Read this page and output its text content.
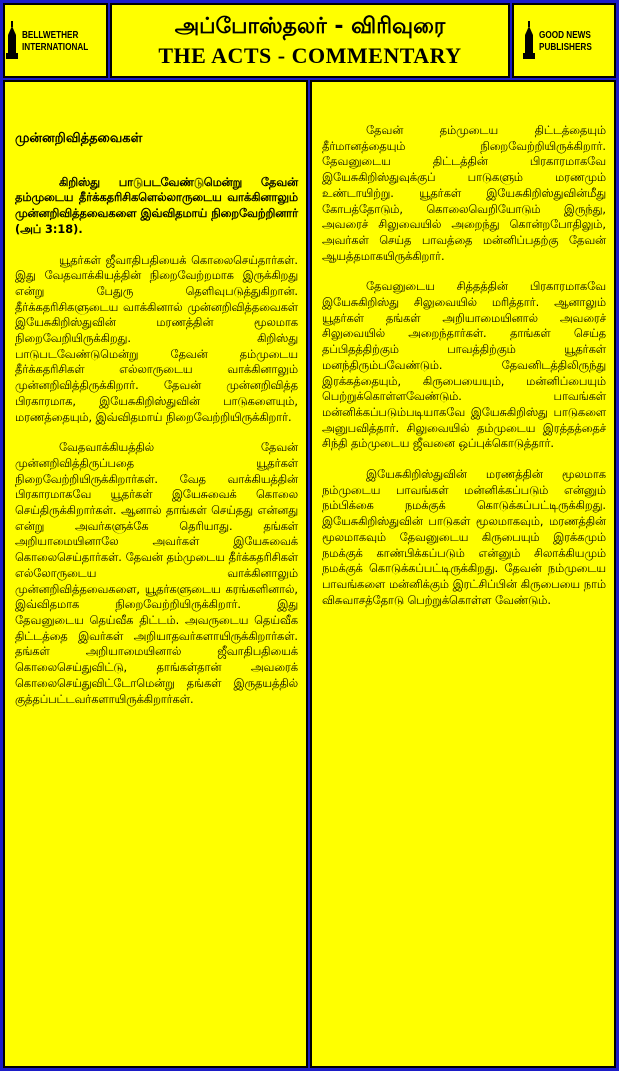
BELLWETHER
INTERNATIONAL
அப்போஸ்தலர் - விரிவுரை
THE ACTS - COMMENTARY
GOOD NEWS
PUBLISHERS

முன்னறிவித்தவைகள்

கிறிஸ்து பாடுபடவேண்டுமென்று தேவன் தம்முடைய தீர்க்கதரிசிகளெல்லாருடைய வாக்கினாலும் முன்னறிவித்தவைகளை இவ்விதமாய் நிறைவேற்றினார் (அப் 3:18).

யூதர்கள் ஜீவாதிபதியைக் கொலைசெய்தார்கள். இது வேதவாக்கியத்தின் நிறைவேற்றமாக இருக்கிறது என்று பேதுரு தெளிவுபடுத்துகிறான். தீர்க்கதரிசிகளுடைய வாக்கினால் முன்னறிவித்தவைகள் இயேசுகிறிஸ்துவின் மரணத்தின் மூலமாக நிறைவேறியிருக்கிறது. கிறிஸ்து பாடுபடவேண்டுமென்று தேவன் தம்முடைய தீர்க்கதரிசிகள் எல்லாருடைய வாக்கினாலும் முன்னறிவித்திருக்கிறார். தேவன் முன்னறிவித்த பிரகாரமாக, இயேசுகிறிஸ்துவின் பாடுகளையும், மரணத்தையும், இவ்விதமாய் நிறைவேற்றியிருக்கிறார்.

வேதவாக்கியத்தில் தேவன் முன்னறிவித்திருப்பதை யூதர்கள் நிறைவேற்றியிருக்கிறார்கள். வேத வாக்கியத்தின் பிரகாரமாகவே யூதர்கள் இயேசுவைக் கொலை செய்திருக்கிறார்கள். ஆனால் தாங்கள் செய்தது என்னது என்று அவர்களுக்கே தெரியாது. தங்கள் அறியாமையினாலே அவர்கள் இயேசுவைக் கொலைசெய்தார்கள். தேவன் தம்முடைய தீர்க்கதரிசிகள் எல்லோருடைய வாக்கினாலும் முன்னறிவித்தவைகளை, யூதர்களுடைய கரங்களினால், இவ்விதமாக நிறைவேற்றியிருக்கிறார். இது தேவனுடைய தெய்வீக திட்டம். அவருடைய தெய்வீக திட்டத்தை இவர்கள் அறியாதவர்களாயிருக்கிறார்கள். தங்கள் அறியாமையினால் ஜீவாதிபதியைக் கொலைசெய்துவிட்டு, தாங்கள்தான் அவரைக் கொலைசெய்துவிட்டோமென்று தங்கள் இருதயத்தில் குத்தப்பட்டவர்களாயிருக்கிறார்கள்.

தேவன் தம்முடைய திட்டத்தையும் தீர்மானத்தையும் நிறைவேற்றியிருக்கிறார். தேவனுடைய திட்டத்தின் பிரகாரமாகவே இயேசுகிறிஸ்துவுக்குப் பாடுகளும் மரணமும் உண்டாயிற்று. யூதர்கள் இயேசுகிறிஸ்துவின்மீது கோபத்தோடும், கொலைவெறியோடும் இருந்து, அவரைச் சிலுவையில் அறைந்து கொன்றபோதிலும், அவர்கள் செய்த பாவத்தை மன்னிப்பதற்கு தேவன் ஆயத்தமாகயிருக்கிறார்.

தேவனுடைய சித்தத்தின் பிரகாரமாகவே இயேசுகிறிஸ்து சிலுவையில் மரித்தார். ஆனாலும் யூதர்கள் தங்கள் அறியாமையினால் அவரைச் சிலுவையில் அறைந்தார்கள். தாங்கள் செய்த தப்பிதத்திற்கும் பாவத்திற்கும் யூதர்கள் மனந்திரும்பவேண்டும். தேவனிடத்திலிருந்து இரக்கத்தையும், கிருபையையும், மன்னிப்பையும் பெற்றுக்கொள்ளவேண்டும். பாவங்கள் மன்னிக்கப்படும்படியாகவே இயேசுகிறிஸ்து பாடுகளை அனுபவித்தார். சிலுவையில் தம்முடைய இரத்தத்தைச் சிந்தி தம்முடைய ஜீவனை ஒப்புக்கொடுத்தார்.

இயேசுகிறிஸ்துவின் மரணத்தின் மூலமாக நம்முடைய பாவங்கள் மன்னிக்கப்படும் என்னும் நம்பிக்கை நமக்குக் கொடுக்கப்பட்டிருக்கிறது. இயேசுகிறிஸ்துவின் பாடுகள் மூலமாகவும், மரணத்தின் மூலமாகவும் தேவனுடைய கிருபையும் இரக்கமும் நமக்குக் காண்பிக்கப்படும் என்னும் சிலாக்கியமும் நமக்குக் கொடுக்கப்பட்டிருக்கிறது. தேவன் நம்முடைய பாவங்களை மன்னிக்கும் இரட்சிப்பின் கிருபையை நாம் விசுவாசத்தோடு பெற்றுக்கொள்ள வேண்டும்.
